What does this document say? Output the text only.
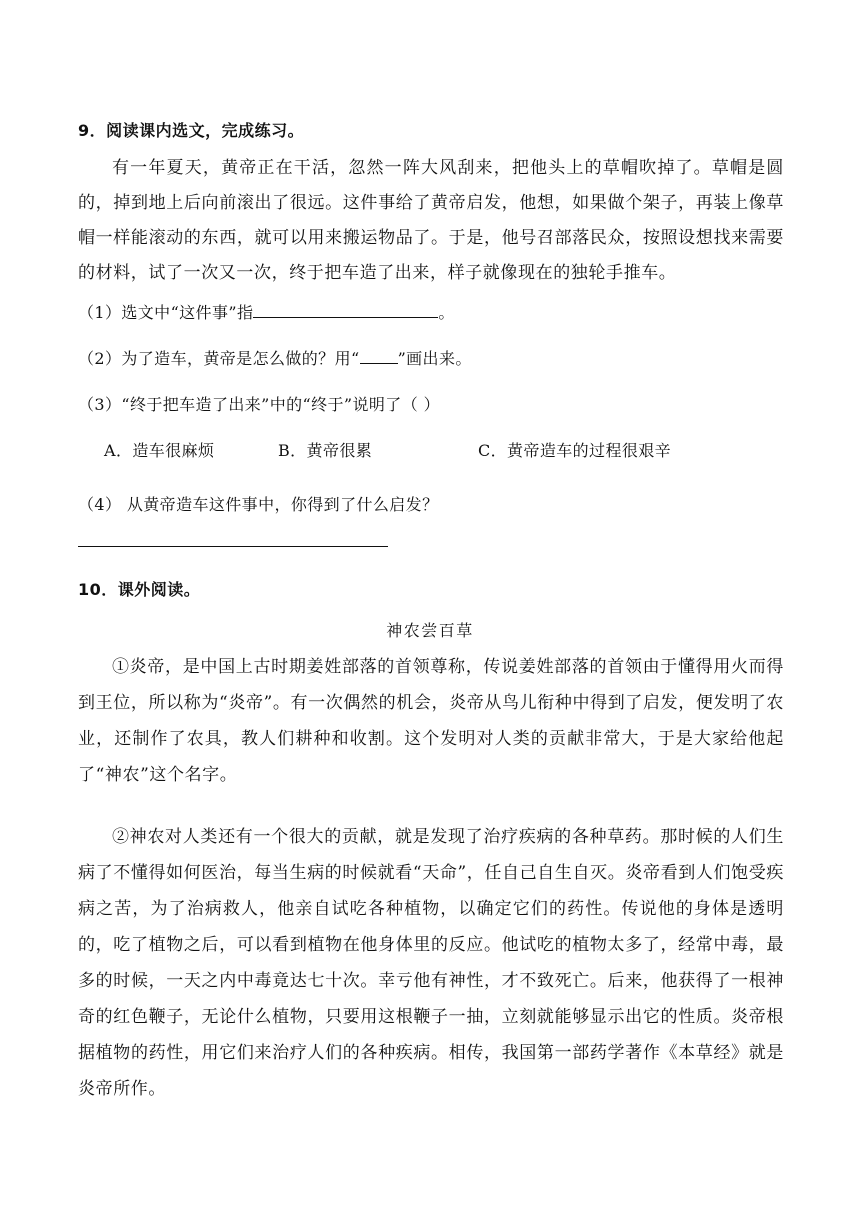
9．阅读课内选文，完成练习。

有一年夏天，黄帝正在干活，忽然一阵大风刮来，把他头上的草帽吹掉了。草帽是圆的，掉到地上后向前滚出了很远。这件事给了黄帝启发，他想，如果做个架子，再装上像草帽一样能滚动的东西，就可以用来搬运物品了。于是，他号召部落民众，按照设想找来需要的材料，试了一次又一次，终于把车造了出来，样子就像现在的独轮手推车。

（1）选文中“这件事”指	。
（2）为了造车，黄帝是怎么做的？用“ ”画出来。
（3）“终于把车造了出来”中的“终于”说明了（ ）
A．造车很麻烦	B．黄帝很累	C．黄帝造车的过程很艰辛
（4） 从黄帝造车这件事中，你得到了什么启发？
10．课外阅读。
神农尝百草

①炎帝，是中国上古时期姜姓部落的首领尊称，传说姜姓部落的首领由于懂得用火而得到王位，所以称为“炎帝”。有一次偶然的机会，炎帝从鸟儿衔种中得到了启发，便发明了农业，还制作了农具，教人们耕种和收割。这个发明对人类的贡献非常大，于是大家给他起了“神农”这个名字。

②神农对人类还有一个很大的贡献，就是发现了治疗疾病的各种草药。那时候的人们生病了不懂得如何医治，每当生病的时候就看“天命”，任自己自生自灭。炎帝看到人们饱受疾病之苦，为了治病救人，他亲自试吃各种植物，以确定它们的药性。传说他的身体是透明的，吃了植物之后，可以看到植物在他身体里的反应。他试吃的植物太多了，经常中毒，最多的时候，一天之内中毒竟达七十次。幸亏他有神性，才不致死亡。后来，他获得了一根神奇的红色鞭子，无论什么植物，只要用这根鞭子一抽，立刻就能够显示出它的性质。炎帝根据植物的药性，用它们来治疗人们的各种疾病。相传，我国第一部药学著作《本草经》就是炎帝所作。
